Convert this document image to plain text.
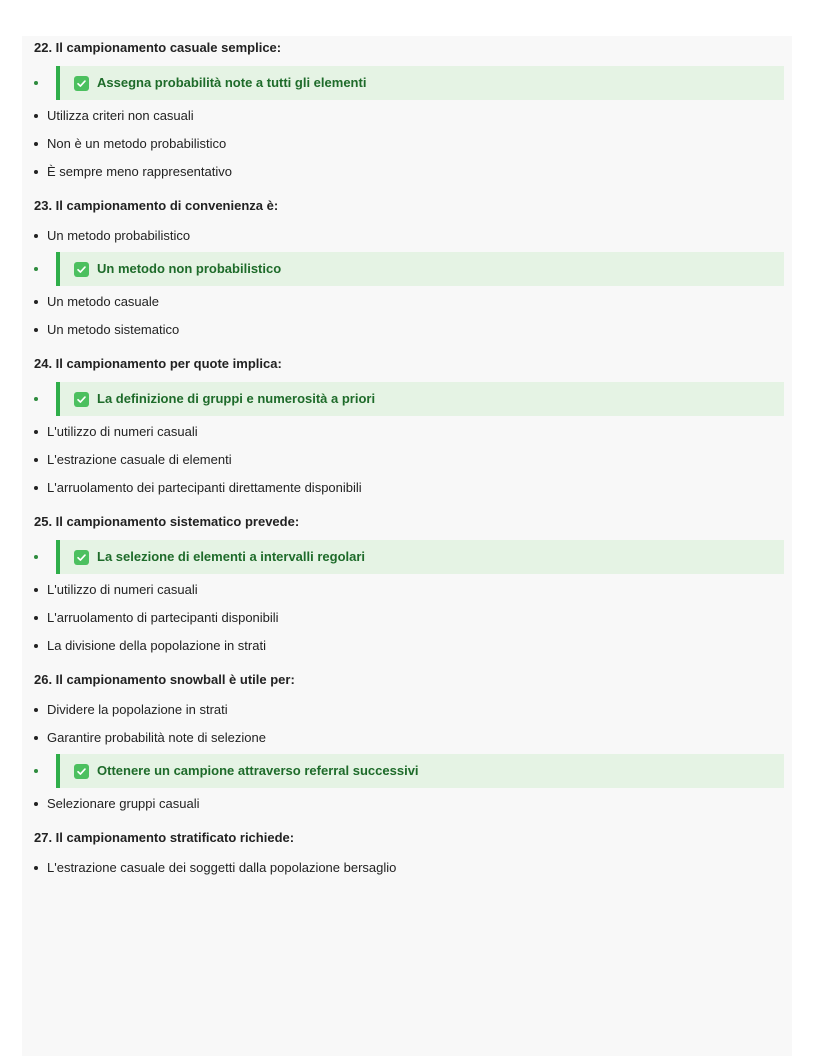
22. Il campionamento casuale semplice:

Assegna probabilità note a tutti gli elementi
Utilizza criteri non casuali
Non è un metodo probabilistico
È sempre meno rappresentativo

23. Il campionamento di convenienza è:

Un metodo probabilistico
Un metodo non probabilistico
Un metodo casuale
Un metodo sistematico

24. Il campionamento per quote implica:

La definizione di gruppi e numerosità a priori
L'utilizzo di numeri casuali
L'estrazione casuale di elementi
L'arruolamento dei partecipanti direttamente disponibili

25. Il campionamento sistematico prevede:

La selezione di elementi a intervalli regolari
L'utilizzo di numeri casuali
L'arruolamento di partecipanti disponibili
La divisione della popolazione in strati

26. Il campionamento snowball è utile per:

Dividere la popolazione in strati
Garantire probabilità note di selezione
Ottenere un campione attraverso referral successivi
Selezionare gruppi casuali

27. Il campionamento stratificato richiede:

L'estrazione casuale dei soggetti dalla popolazione bersaglio
